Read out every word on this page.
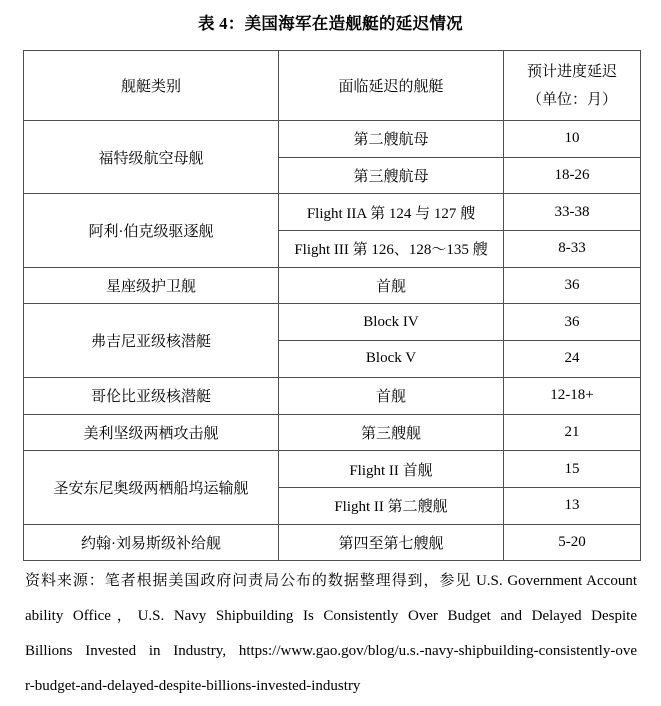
表 4：美国海军在造舰艇的延迟情况
舰艇类别	面临延迟的舰艇	预计进度延迟
（单位：月）

福特级航空母舰	第二艘航母	10
	第三艘航母	18-26
阿利·伯克级驱逐舰	Flight IIA 第 124 与 127 艘	33-38
	Flight III 第 126、128～135 艘	8-33
星座级护卫舰	首舰	36
弗吉尼亚级核潜艇	Block IV	36
	Block V	24
哥伦比亚级核潜艇	首舰	12-18+
美利坚级两栖攻击舰	第三艘舰	21
圣安东尼奥级两栖船坞运输舰	Flight II 首舰	15
	Flight II 第二艘舰	13
约翰·刘易斯级补给舰	第四至第七艘舰	5-20
资料来源：笔者根据美国政府问责局公布的数据整理得到，参见 U.S. Government Account
ability Office，U.S. Navy Shipbuilding Is Consistently Over Budget and Delayed Despite
Billions Invested in Industry, https://www.gao.gov/blog/u.s.-navy-shipbuilding-consistently-ove
r-budget-and-delayed-despite-billions-invested-industry
